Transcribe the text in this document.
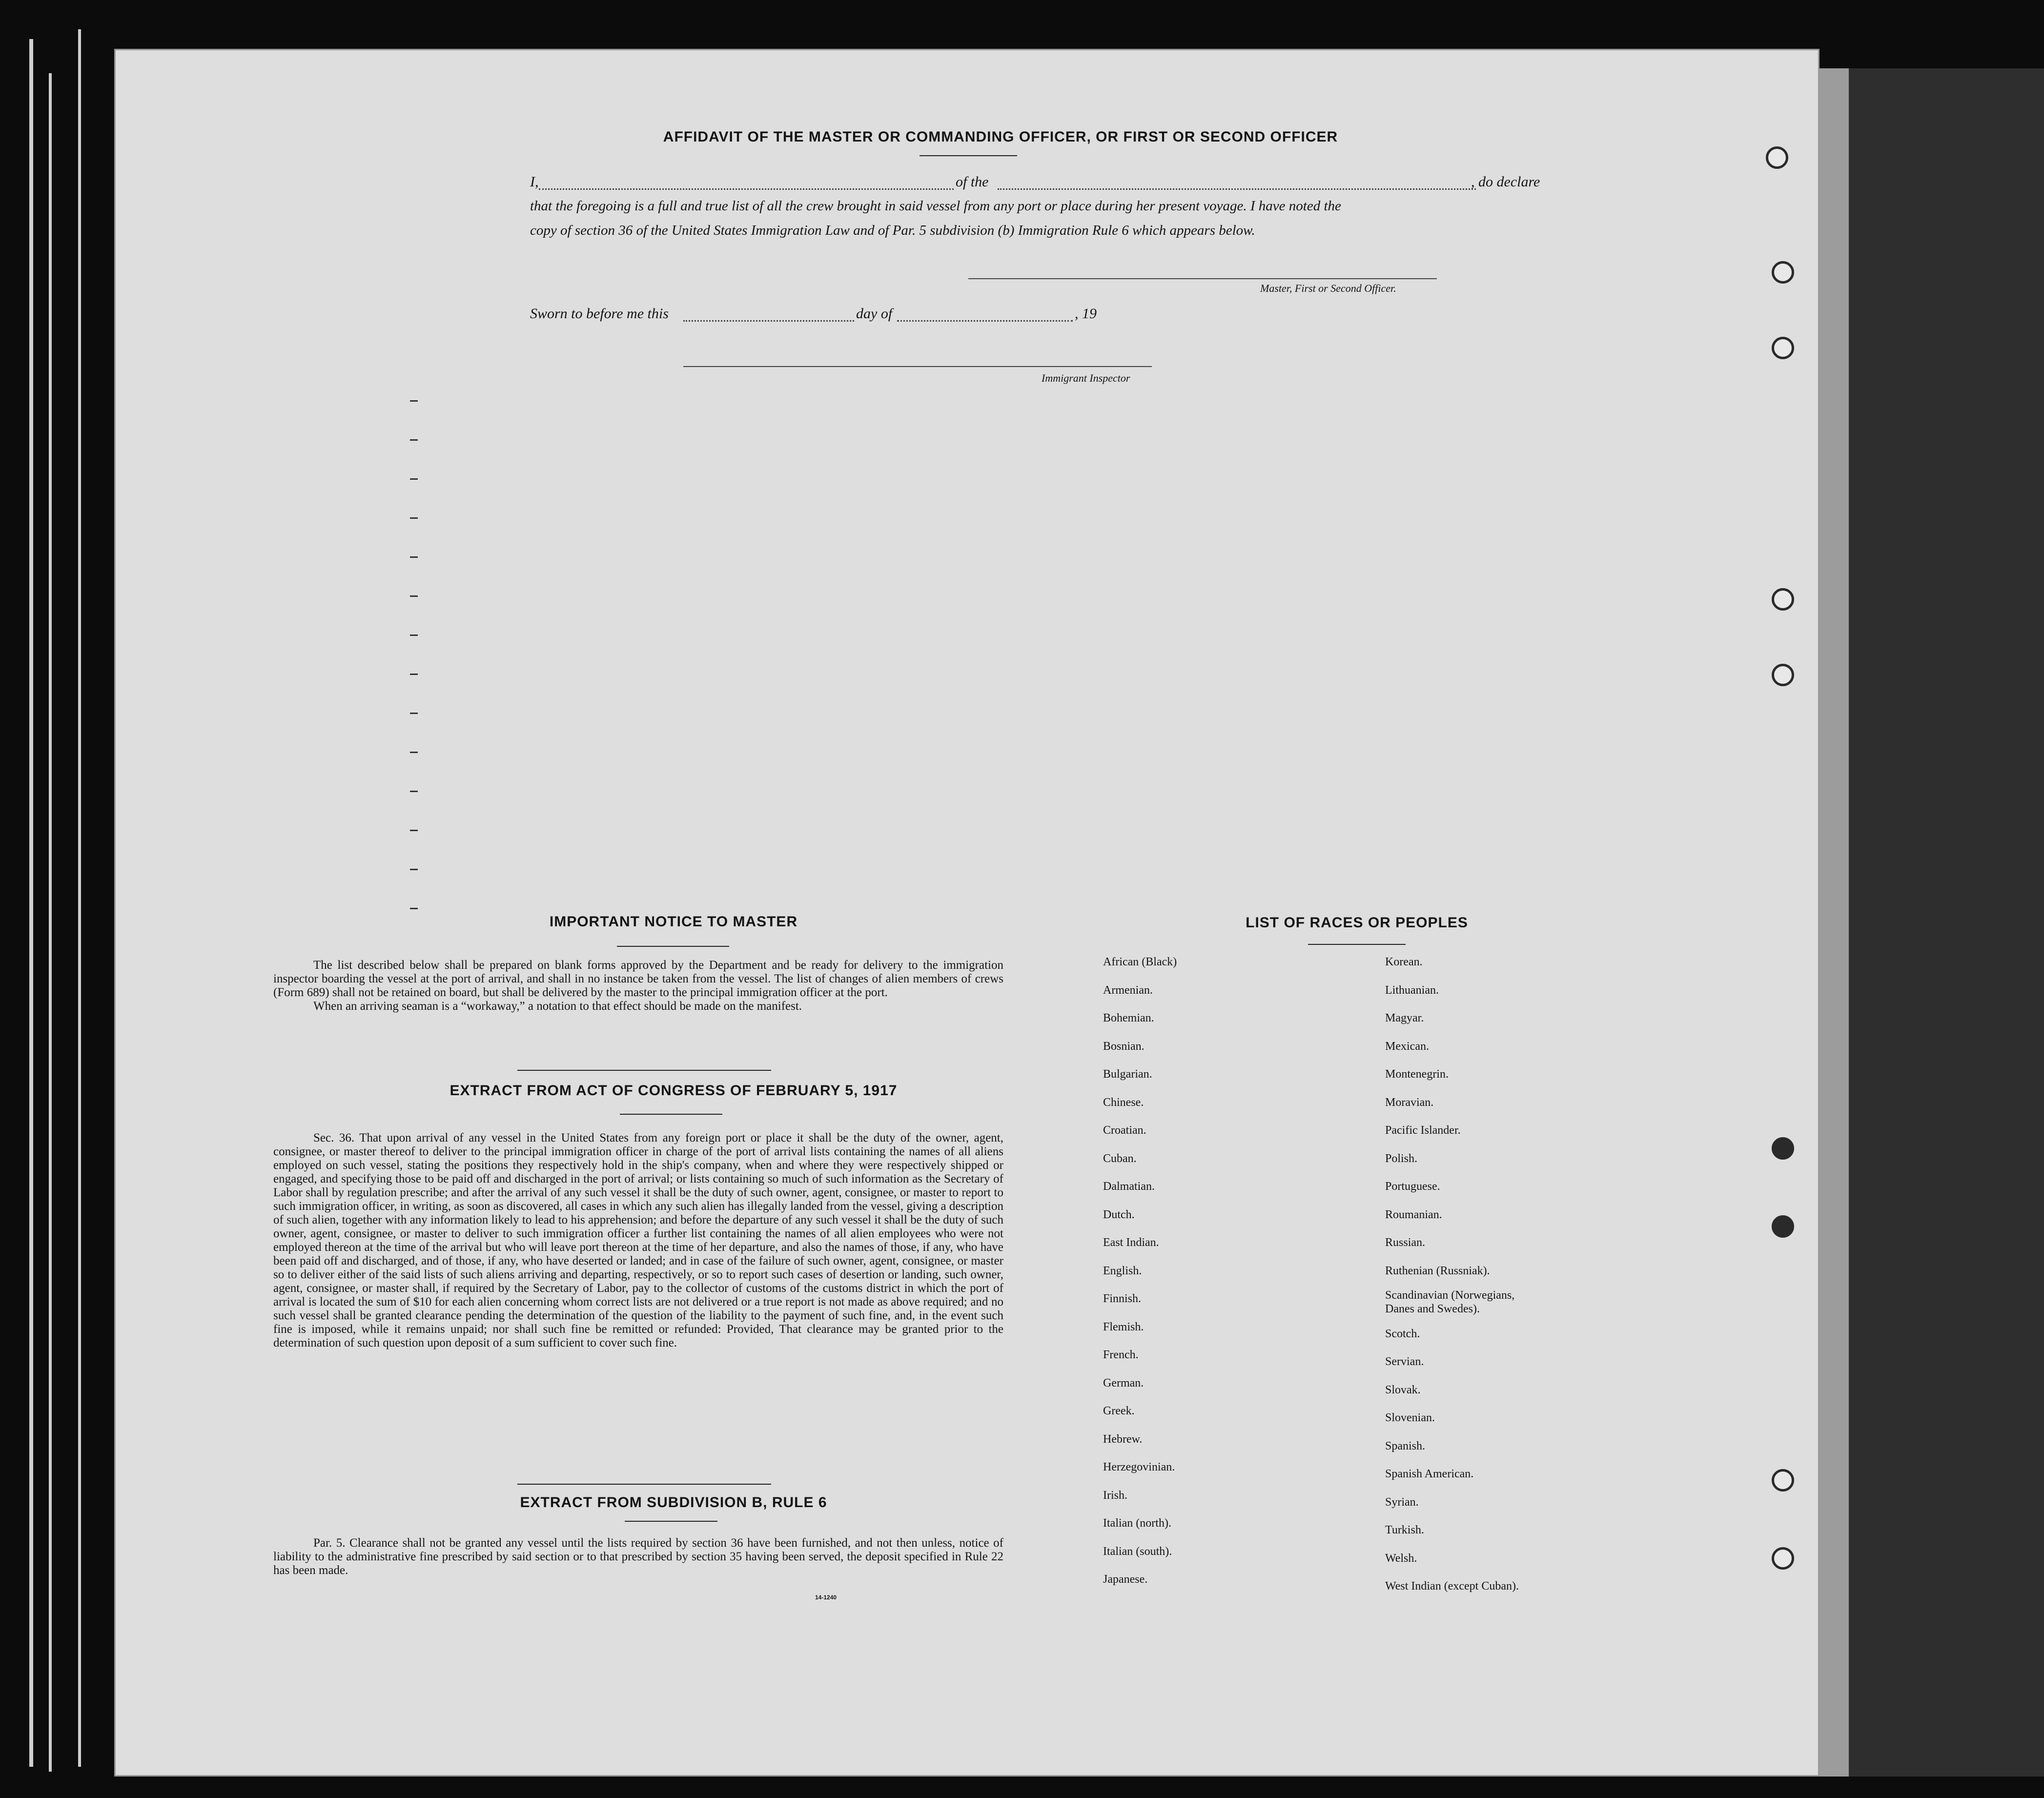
AFFIDAVIT OF THE MASTER OR COMMANDING OFFICER, OR FIRST OR SECOND OFFICER
I,	of the	, do declare
that the foregoing is a full and true list of all the crew brought in said vessel from any port or place during her present voyage. I have noted the
copy of section 36 of the United States Immigration Law and of Par. 5 subdivision (b) Immigration Rule 6 which appears below.
Master, First or Second Officer.
Sworn to before me this	day of	, 19
Immigrant Inspector
IMPORTANT NOTICE TO MASTER

The list described below shall be prepared on blank forms approved by the Department and be ready for delivery to the immigration inspector boarding the vessel at the port of arrival, and shall in no instance be taken from the vessel. The list of changes of alien members of crews (Form 689) shall not be retained on board, but shall be delivered by the master to the principal immigration officer at the port.

When an arriving seaman is a “workaway,” a notation to that effect should be made on the manifest.

EXTRACT FROM ACT OF CONGRESS OF FEBRUARY 5, 1917

Sec. 36. That upon arrival of any vessel in the United States from any foreign port or place it shall be the duty of the owner, agent, consignee, or master thereof to deliver to the principal immigration officer in charge of the port of arrival lists containing the names of all aliens employed on such vessel, stating the positions they respectively hold in the ship's company, when and where they were respectively shipped or engaged, and specifying those to be paid off and discharged in the port of arrival; or lists containing so much of such information as the Secretary of Labor shall by regulation prescribe; and after the arrival of any such vessel it shall be the duty of such owner, agent, consignee, or master to report to such immigration officer, in writing, as soon as discovered, all cases in which any such alien has illegally landed from the vessel, giving a description of such alien, together with any information likely to lead to his apprehension; and before the departure of any such vessel it shall be the duty of such owner, agent, consignee, or master to deliver to such immigration officer a further list containing the names of all alien employees who were not employed thereon at the time of the arrival but who will leave port thereon at the time of her departure, and also the names of those, if any, who have been paid off and discharged, and of those, if any, who have deserted or landed; and in case of the failure of such owner, agent, consignee, or master so to deliver either of the said lists of such aliens arriving and departing, respectively, or so to report such cases of desertion or landing, such owner, agent, consignee, or master shall, if required by the Secretary of Labor, pay to the collector of customs of the customs district in which the port of arrival is located the sum of $10 for each alien concerning whom correct lists are not delivered or a true report is not made as above required; and no such vessel shall be granted clearance pending the determination of the question of the liability to the payment of such fine, and, in the event such fine is imposed, while it remains unpaid; nor shall such fine be remitted or refunded: Provided, That clearance may be granted prior to the determination of such question upon deposit of a sum sufficient to cover such fine.

EXTRACT FROM SUBDIVISION B, RULE 6

Par. 5. Clearance shall not be granted any vessel until the lists required by section 36 have been furnished, and not then unless, notice of liability to the administrative fine prescribed by said section or to that prescribed by section 35 having been served, the deposit specified in Rule 22 has been made.

14-1240
LIST OF RACES OR PEOPLES
African (Black)
Armenian.
Bohemian.
Bosnian.
Bulgarian.
Chinese.
Croatian.
Cuban.
Dalmatian.
Dutch.
East Indian.
English.
Finnish.
Flemish.
French.
German.
Greek.
Hebrew.
Herzegovinian.
Irish.
Italian (north).
Italian (south).
Japanese.
Korean.
Lithuanian.
Magyar.
Mexican.
Montenegrin.
Moravian.
Pacific Islander.
Polish.
Portuguese.
Roumanian.
Russian.
Ruthenian (Russniak).
Scandinavian (Norwegians, Danes and Swedes).
Scotch.
Servian.
Slovak.
Slovenian.
Spanish.
Spanish American.
Syrian.
Turkish.
Welsh.
West Indian (except Cuban).
